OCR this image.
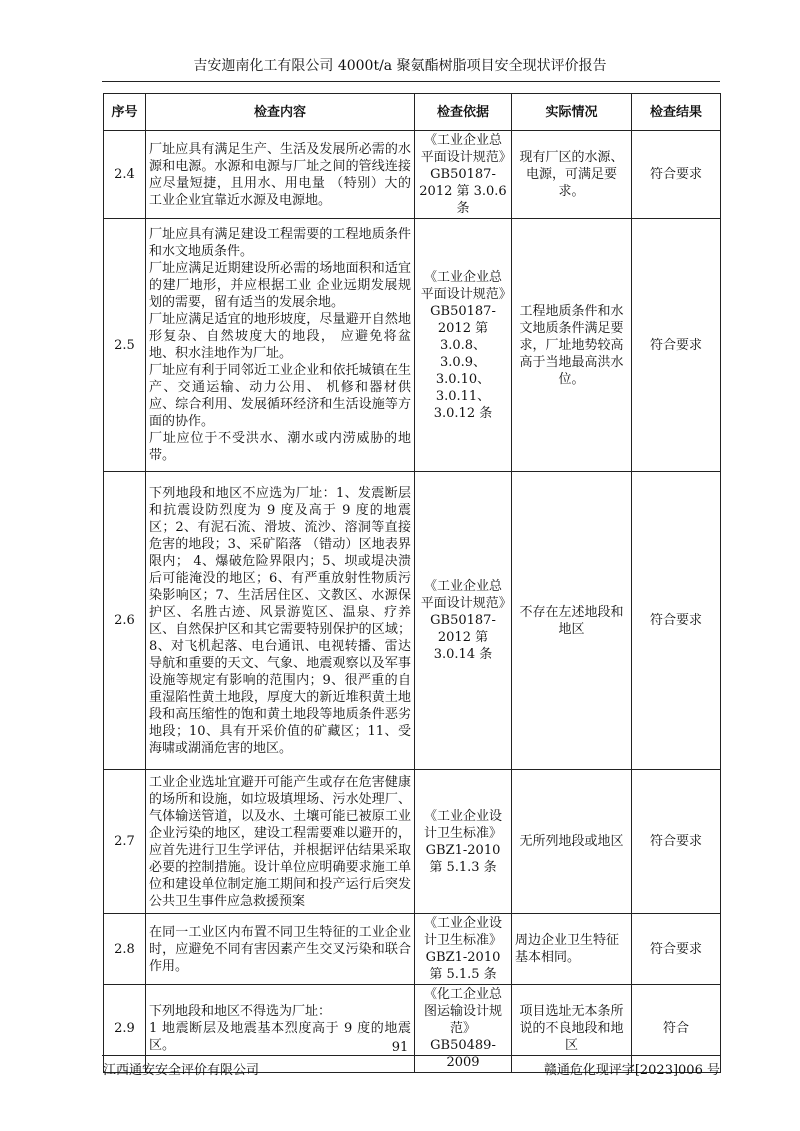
吉安迦南化工有限公司 4000t/a 聚氨酯树脂项目安全现状评价报告
序号	检查内容	检查依据	实际情况	检查结果
2.4	厂址应具有满足生产、生活及发展所必需的水源和电源。水源和电源与厂址之间的管线连接应尽量短捷，且用水、用电量 （特别）大的工业企业宜靠近水源及电源地。	《工业企业总平面设计规范》GB50187-2012 第 3.0.6 条	现有厂区的水源、电源，可满足要求。	符合要求
2.5	厂址应具有满足建设工程需要的工程地质条件和水文地质条件。
厂址应满足近期建设所必需的场地面积和适宜的建厂地形，并应根据工业 企业远期发展规划的需要，留有适当的发展余地。
厂址应满足适宜的地形坡度，尽量避开自然地形复杂、自然坡度大的地段， 应避免将盆地、积水洼地作为厂址。
厂址应有利于同邻近工业企业和依托城镇在生产、交通运输、动力公用、 机修和器材供应、综合利用、发展循环经济和生活设施等方面的协作。
厂址应位于不受洪水、潮水或内涝威胁的地带。	《工业企业总平面设计规范》GB50187-2012 第 3.0.8、3.0.9、3.0.10、3.0.11、3.0.12 条	工程地质条件和水文地质条件满足要求，厂址地势较高高于当地最高洪水位。	符合要求
2.6	下列地段和地区不应选为厂址：1、发震断层和抗震设防烈度为 9 度及高于 9 度的地震区；2、有泥石流、滑坡、流沙、溶洞等直接危害的地段；3、采矿陷落 （错动）区地表界限内； 4、爆破危险界限内；5、坝或堤决溃后可能淹没的地区；6、有严重放射性物质污染影响区；7、生活居住区、文教区、水源保护区、名胜古迹、风景游览区、温泉、疗养区、自然保护区和其它需要特别保护的区域；8、对飞机起落、电台通讯、电视转播、雷达导航和重要的天文、气象、地震观察以及军事设施等规定有影响的范围内；9、很严重的自重湿陷性黄土地段，厚度大的新近堆积黄土地段和高压缩性的饱和黄土地段等地质条件恶劣地段；10、具有开采价值的矿藏区；11、受海啸或湖涌危害的地区。	《工业企业总平面设计规范》GB50187-2012 第 3.0.14 条	不存在左述地段和地区	符合要求
2.7	工业企业选址宜避开可能产生或存在危害健康的场所和设施，如垃圾填埋场、污水处理厂、气体输送管道，以及水、土壤可能已被原工业企业污染的地区，建设工程需要难以避开的，应首先进行卫生学评估，并根据评估结果采取必要的控制措施。设计单位应明确要求施工单位和建设单位制定施工期间和投产运行后突发公共卫生事件应急救援预案	《工业企业设计卫生标准》GBZ1-2010 第 5.1.3 条	无所列地段或地区	符合要求
2.8	在同一工业区内布置不同卫生特征的工业企业时，应避免不同有害因素产生交叉污染和联合作用。	《工业企业设计卫生标准》GBZ1-2010 第 5.1.5 条	周边企业卫生特征基本相同。	符合要求
2.9	下列地段和地区不得选为厂址：
1 地震断层及地震基本烈度高于 9 度的地震区。	《化工企业总图运输设计规范》GB50489-2009	项目选址无本条所说的不良地段和地区	符合
91
江西通安安全评价有限公司	赣通危化现评字[2023]006 号
